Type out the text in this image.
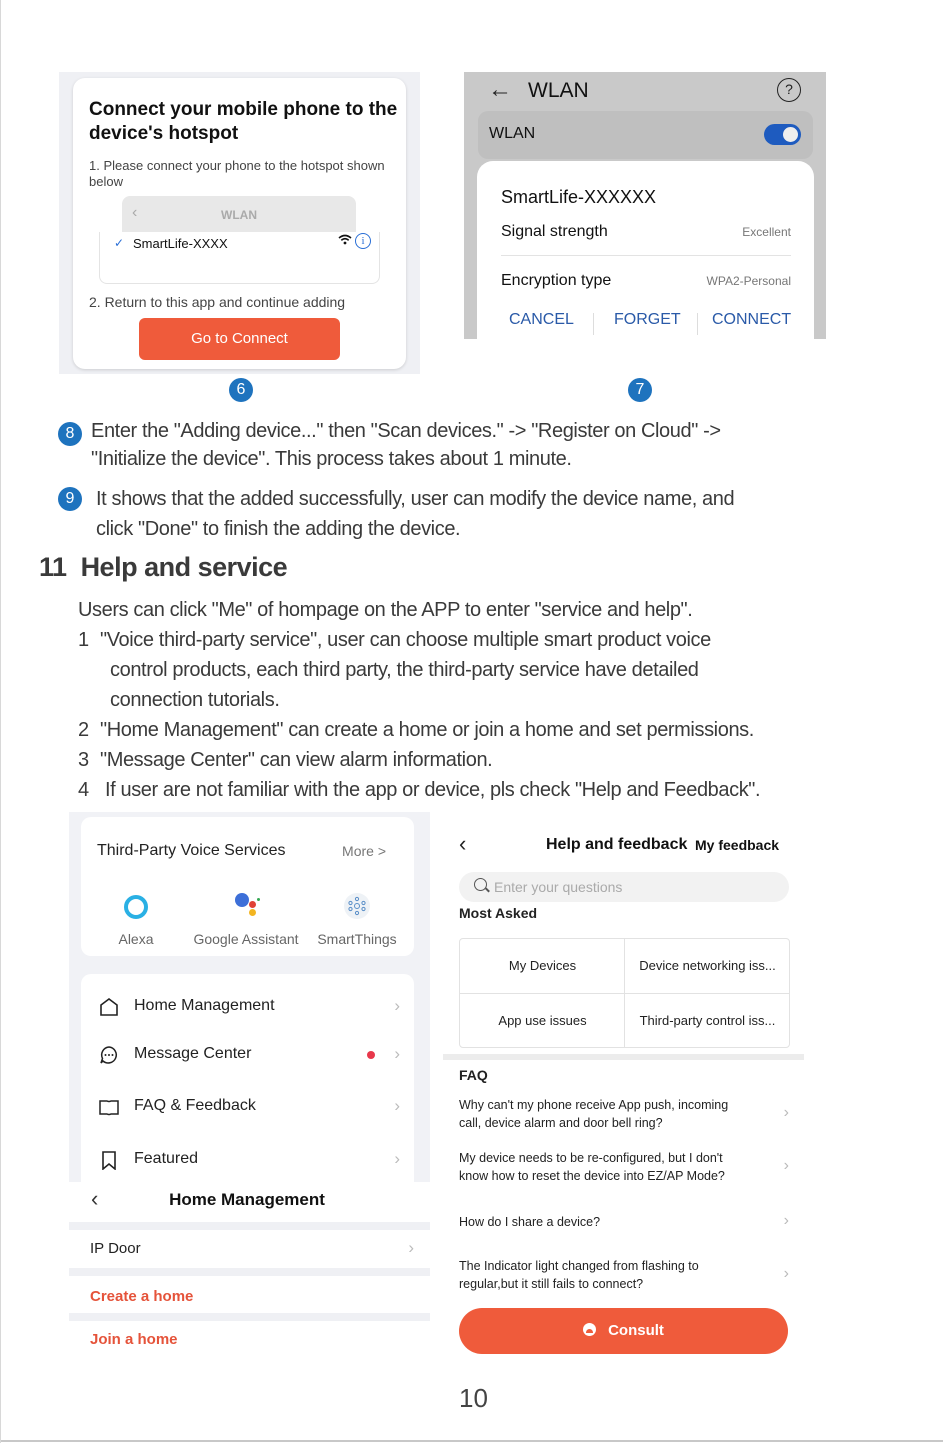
Connect your mobile phone to the device's hotspot
1. Please connect your phone to the hotspot shown below
‹	WLAN
✓ SmartLife-XXXX	i
2. Return to this app and continue adding
Go to Connect
← WLAN	?
WLAN
SmartLife-XXXXXX
Signal strength	Excellent
Encryption type	WPA2-Personal
CANCEL	FORGET CONNECT
6	7
8 Enter the "Adding device..." then "Scan devices." -> "Register on Cloud" ->
"Initialize the device". This process takes about 1 minute.
9	It shows that the added successfully, user can modify the device name, and
click "Done" to finish the adding the device.
11 Help and service
Users can click "Me" of hompage on the APP to enter "service and help".
1 "Voice third-party service", user can choose multiple smart product voice
control products, each third party, the third-party service have detailed
connection tutorials.
2 "Home Management" can create a home or join a home and set permissions.
3 "Message Center" can view alarm information.
4 If user are not familiar with the app or device, pls check "Help and Feedback".
Third-Party Voice Services	More >
Alexa	Google Assistant	SmartThings
Home Management	›
Message Center	›
FAQ & Feedback	›
Featured	›
‹	Home Management
IP Door	›
Create a home
Join a home
‹	Help and feedback My feedback
Enter your questions
Most Asked
My Devices	Device networking iss...
App use issues	Third-party control iss...
FAQ
Why can't my phone receive App push, incoming
call, device alarm and door bell ring?
›
My device needs to be re-configured, but I don't
know how to reset the device into EZ/AP Mode?
›
How do I share a device?	›
The Indicator light changed from flashing to
regular,but it still fails to connect?
›
Consult
10
